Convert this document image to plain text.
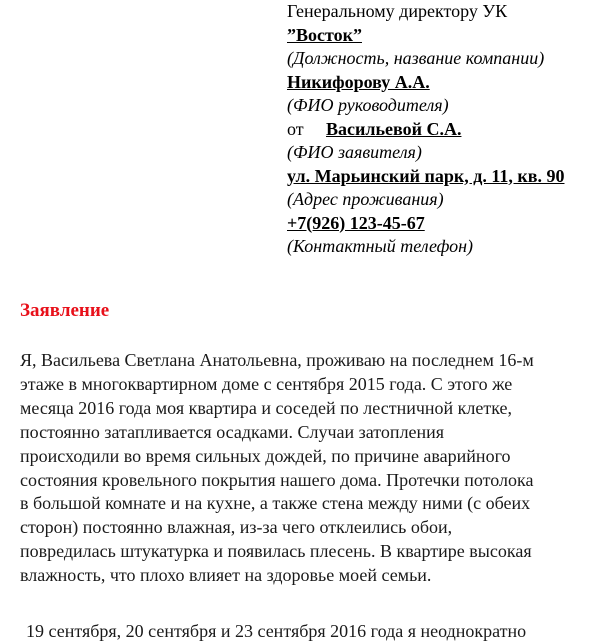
Генеральному директору УК
”Восток”
(Должность, название компании)
Никифорову А.А.
(ФИО руководителя)
от Васильевой С.А.
(ФИО заявителя)
ул. Марьинский парк, д. 11, кв. 90
(Адрес проживания)
+7(926) 123-45-67
(Контактный телефон)
Заявление
Я, Васильева Светлана Анатольевна, проживаю на последнем 16-м
этаже в многоквартирном доме с сентября 2015 года. С этого же
месяца 2016 года моя квартира и соседей по лестничной клетке,
постоянно затапливается осадками. Случаи затопления
происходили во время сильных дождей, по причине аварийного
состояния кровельного покрытия нашего дома. Протечки потолока
в большой комнате и на кухне, а также стена между ними (с обеих
сторон) постоянно влажная, из-за чего отклеились обои,
повредилась штукатурка и появилась плесень. В квартире высокая
влажность, что плохо влияет на здоровье моей семьи.
19 сентября, 20 сентября и 23 сентября 2016 года я неоднократно
